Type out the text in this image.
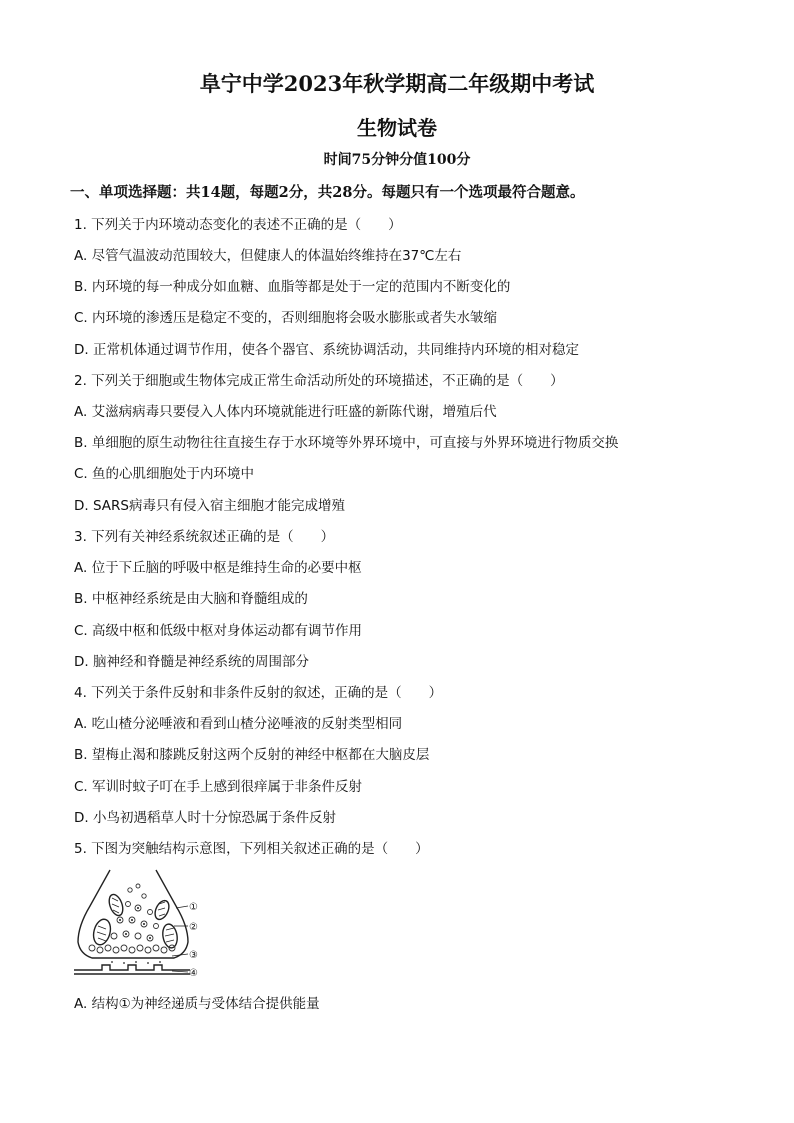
阜宁中学2023年秋学期高二年级期中考试
生物试卷
时间75分钟分值100分
一、单项选择题：共14题，每题2分，共28分。每题只有一个选项最符合题意。
1. 下列关于内环境动态变化的表述不正确的是（　　）
A. 尽管气温波动范围较大，但健康人的体温始终维持在37℃左右
B. 内环境的每一种成分如血糖、血脂等都是处于一定的范围内不断变化的
C. 内环境的渗透压是稳定不变的，否则细胞将会吸水膨胀或者失水皱缩
D. 正常机体通过调节作用，使各个器官、系统协调活动，共同维持内环境的相对稳定
2. 下列关于细胞或生物体完成正常生命活动所处的环境描述，不正确的是（　　）
A. 艾滋病病毒只要侵入人体内环境就能进行旺盛的新陈代谢，增殖后代
B. 单细胞的原生动物往往直接生存于水环境等外界环境中，可直接与外界环境进行物质交换
C. 鱼的心肌细胞处于内环境中
D. SARS病毒只有侵入宿主细胞才能完成增殖
3. 下列有关神经系统叙述正确的是（　　）
A. 位于下丘脑的呼吸中枢是维持生命的必要中枢
B. 中枢神经系统是由大脑和脊髓组成的
C. 高级中枢和低级中枢对身体运动都有调节作用
D. 脑神经和脊髓是神经系统的周围部分
4. 下列关于条件反射和非条件反射的叙述，正确的是（　　）
A. 吃山楂分泌唾液和看到山楂分泌唾液的反射类型相同
B. 望梅止渴和膝跳反射这两个反射的神经中枢都在大脑皮层
C. 军训时蚊子叮在手上感到很痒属于非条件反射
D. 小鸟初遇稻草人时十分惊恐属于条件反射
5. 下图为突触结构示意图，下列相关叙述正确的是（　　）
①
②
③
④
A. 结构①为神经递质与受体结合提供能量
